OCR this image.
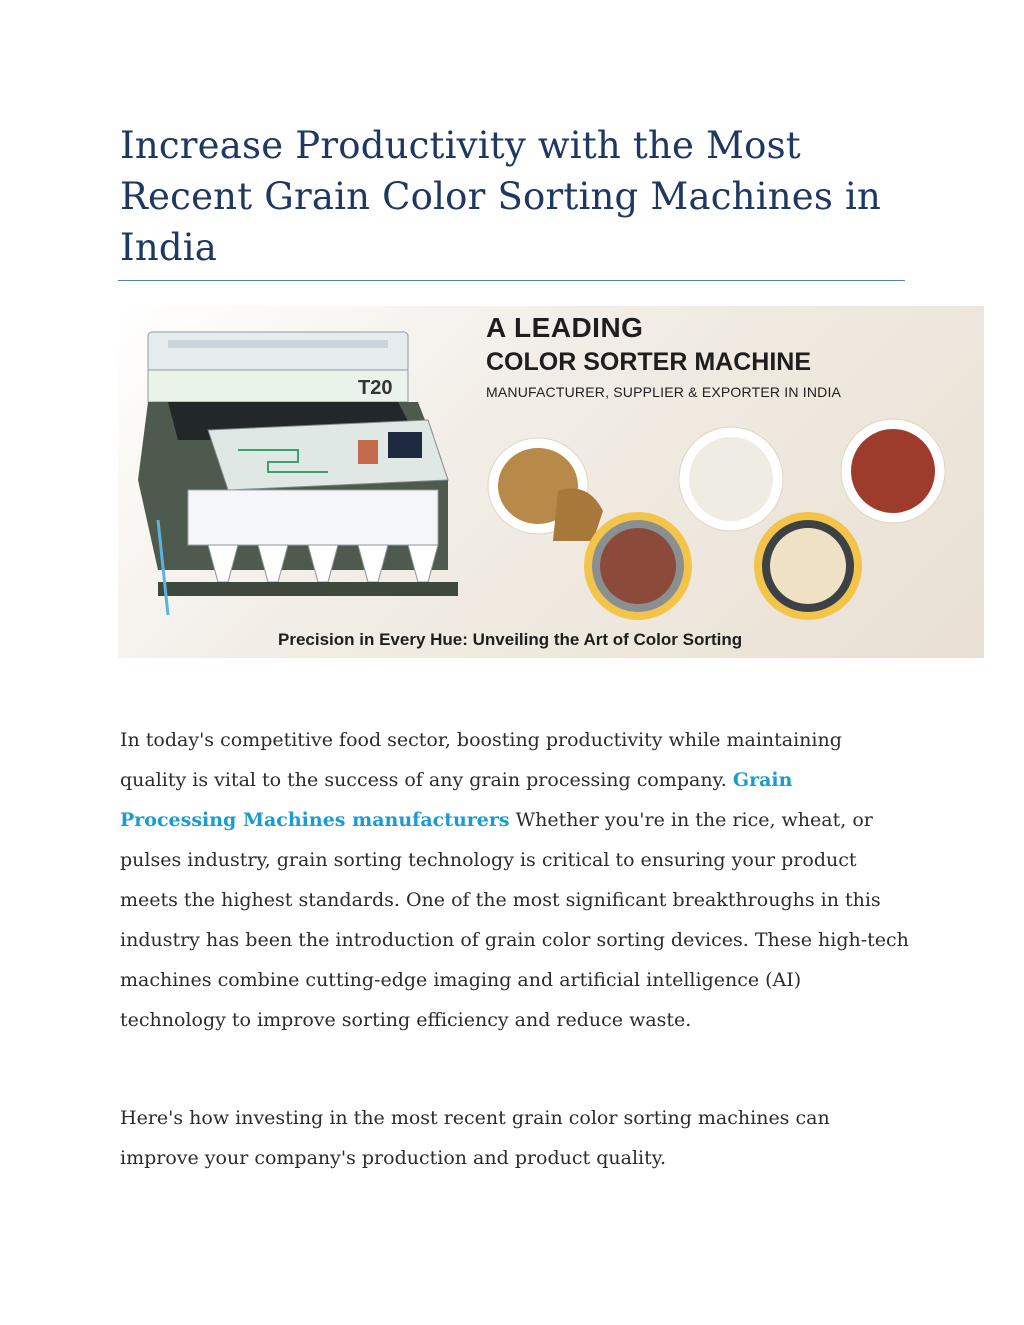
Increase Productivity with the Most Recent Grain Color Sorting Machines in India
T20
A LEADING
COLOR SORTER MACHINE
MANUFACTURER, SUPPLIER & EXPORTER IN INDIA
Precision in Every Hue: Unveiling the Art of Color Sorting

In today's competitive food sector, boosting productivity while maintaining quality is vital to the success of any grain processing company. Grain Processing Machines manufacturers Whether you're in the rice, wheat, or pulses industry, grain sorting technology is critical to ensuring your product meets the highest standards. One of the most significant breakthroughs in this industry has been the introduction of grain color sorting devices. These high-tech machines combine cutting-edge imaging and artificial intelligence (AI) technology to improve sorting efficiency and reduce waste.

Here's how investing in the most recent grain color sorting machines can improve your company's production and product quality.
